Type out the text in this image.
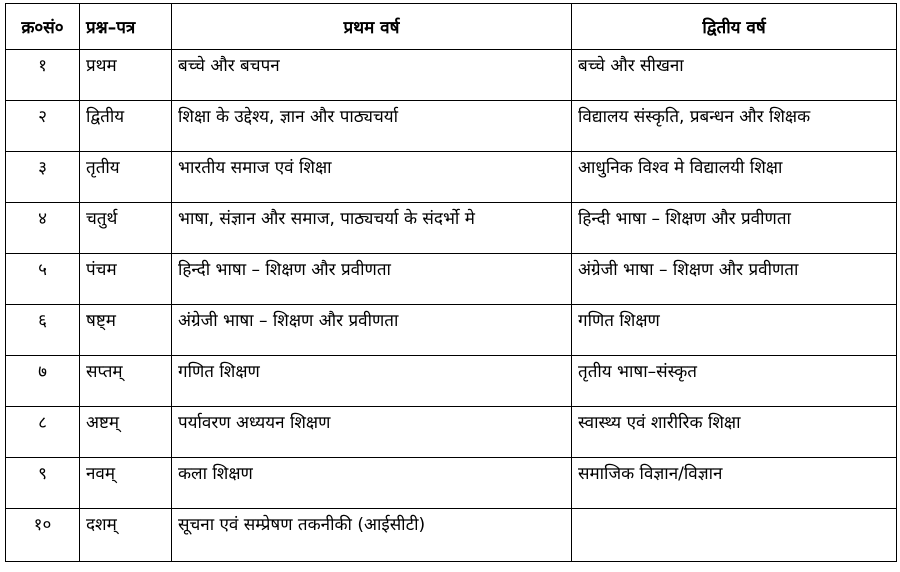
क्र०सं०	प्रश्न–पत्र	प्रथम वर्ष	द्वितीय वर्ष
१	प्रथम	बच्चे और बचपन	बच्चे और सीखना
२	द्वितीय	शिक्षा के उद्देश्य, ज्ञान और पाठ्यचर्या	विद्यालय संस्कृति, प्रबन्धन और शिक्षक
३	तृतीय	भारतीय समाज एवं शिक्षा	आधुनिक विश्व मे विद्यालयी शिक्षा
४	चतुर्थ	भाषा, संज्ञान और समाज, पाठ्यचर्या के संदर्भो मे	हिन्दी भाषा – शिक्षण और प्रवीणता
५	पंचम	हिन्दी भाषा – शिक्षण और प्रवीणता	अंग्रेजी भाषा – शिक्षण और प्रवीणता
६	षष्ट्म	अंग्रेजी भाषा – शिक्षण और प्रवीणता	गणित शिक्षण
७	सप्तम्	गणित शिक्षण	तृतीय भाषा–संस्कृत
८	अष्टम्	पर्यावरण अध्ययन शिक्षण	स्वास्थ्य एवं शारीरिक शिक्षा
९	नवम्	कला शिक्षण	समाजिक विज्ञान/विज्ञान
१०	दशम्	सूचना एवं सम्प्रेषण तकनीकी (आईसीटी)	
